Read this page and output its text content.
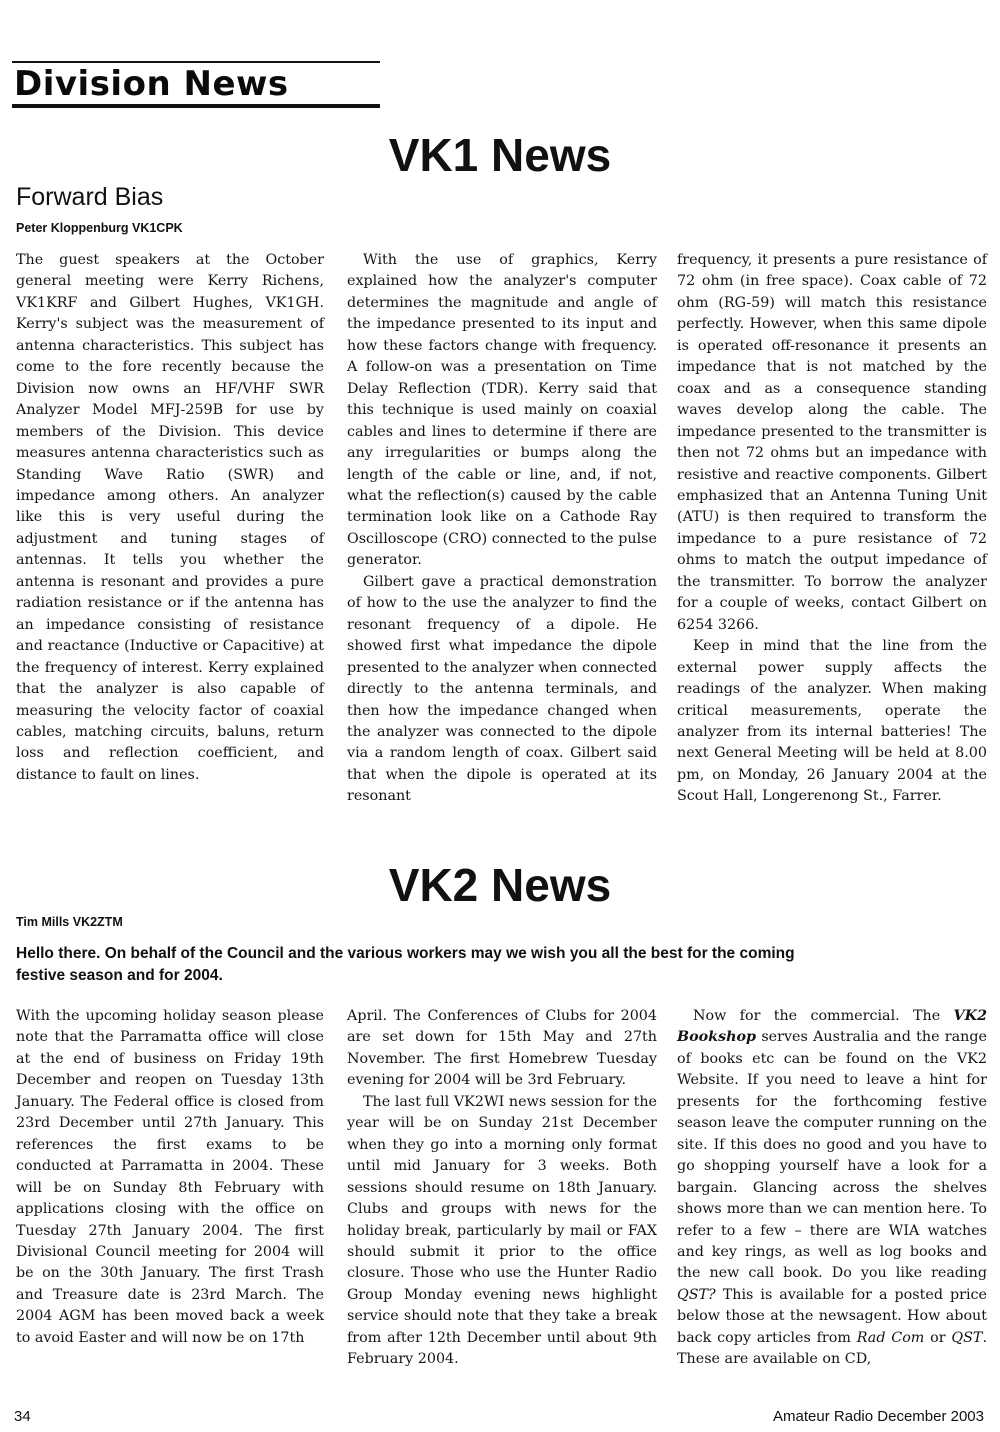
Division News
VK1 News
Forward Bias

Peter Kloppenburg VK1CPK

The guest speakers at the October general meeting were Kerry Richens, VK1KRF and Gilbert Hughes, VK1GH. Kerry's subject was the measurement of antenna characteristics. This subject has come to the fore recently because the Division now owns an HF/VHF SWR Analyzer Model MFJ-259B for use by members of the Division. This device measures antenna characteristics such as Standing Wave Ratio (SWR) and impedance among others. An analyzer like this is very useful during the adjustment and tuning stages of antennas. It tells you whether the antenna is resonant and provides a pure radiation resistance or if the antenna has an impedance consisting of resistance and reactance (Inductive or Capacitive) at the frequency of interest. Kerry explained that the analyzer is also capable of measuring the velocity factor of coaxial cables, matching circuits, baluns, return loss and reflection coefficient, and distance to fault on lines.

With the use of graphics, Kerry explained how the analyzer's computer determines the magnitude and angle of the impedance presented to its input and how these factors change with frequency. A follow-on was a presentation on Time Delay Reflection (TDR). Kerry said that this technique is used mainly on coaxial cables and lines to determine if there are any irregularities or bumps along the length of the cable or line, and, if not, what the reflection(s) caused by the cable termination look like on a Cathode Ray Oscilloscope (CRO) connected to the pulse generator.

Gilbert gave a practical demonstration of how to the use the analyzer to find the resonant frequency of a dipole. He showed first what impedance the dipole presented to the analyzer when connected directly to the antenna terminals, and then how the impedance changed when the analyzer was connected to the dipole via a random length of coax. Gilbert said that when the dipole is operated at its resonant

frequency, it presents a pure resistance of 72 ohm (in free space). Coax cable of 72 ohm (RG-59) will match this resistance perfectly. However, when this same dipole is operated off-resonance it presents an impedance that is not matched by the coax and as a consequence standing waves develop along the cable. The impedance presented to the transmitter is then not 72 ohms but an impedance with resistive and reactive components. Gilbert emphasized that an Antenna Tuning Unit (ATU) is then required to transform the impedance to a pure resistance of 72 ohms to match the output impedance of the transmitter. To borrow the analyzer for a couple of weeks, contact Gilbert on 6254 3266.

Keep in mind that the line from the external power supply affects the readings of the analyzer. When making critical measurements, operate the analyzer from its internal batteries! The next General Meeting will be held at 8.00 pm, on Monday, 26 January 2004 at the Scout Hall, Longerenong St., Farrer.

VK2 News

Tim Mills VK2ZTM

Hello there. On behalf of the Council and the various workers may we wish you all the best for the coming festive season and for 2004.

With the upcoming holiday season please note that the Parramatta office will close at the end of business on Friday 19th December and reopen on Tuesday 13th January. The Federal office is closed from 23rd December until 27th January. This references the first exams to be conducted at Parramatta in 2004. These will be on Sunday 8th February with applications closing with the office on Tuesday 27th January 2004. The first Divisional Council meeting for 2004 will be on the 30th January. The first Trash and Treasure date is 23rd March. The 2004 AGM has been moved back a week to avoid Easter and will now be on 17th

April. The Conferences of Clubs for 2004 are set down for 15th May and 27th November. The first Homebrew Tuesday evening for 2004 will be 3rd February.

The last full VK2WI news session for the year will be on Sunday 21st December when they go into a morning only format until mid January for 3 weeks. Both sessions should resume on 18th January. Clubs and groups with news for the holiday break, particularly by mail or FAX should submit it prior to the office closure. Those who use the Hunter Radio Group Monday evening news highlight service should note that they take a break from after 12th December until about 9th February 2004.

Now for the commercial. The VK2 Bookshop serves Australia and the range of books etc can be found on the VK2 Website. If you need to leave a hint for presents for the forthcoming festive season leave the computer running on the site. If this does no good and you have to go shopping yourself have a look for a bargain. Glancing across the shelves shows more than we can mention here. To refer to a few – there are WIA watches and key rings, as well as log books and the new call book. Do you like reading QST? This is available for a posted price below those at the newsagent. How about back copy articles from Rad Com or QST. These are available on CD,

34	Amateur Radio December 2003
